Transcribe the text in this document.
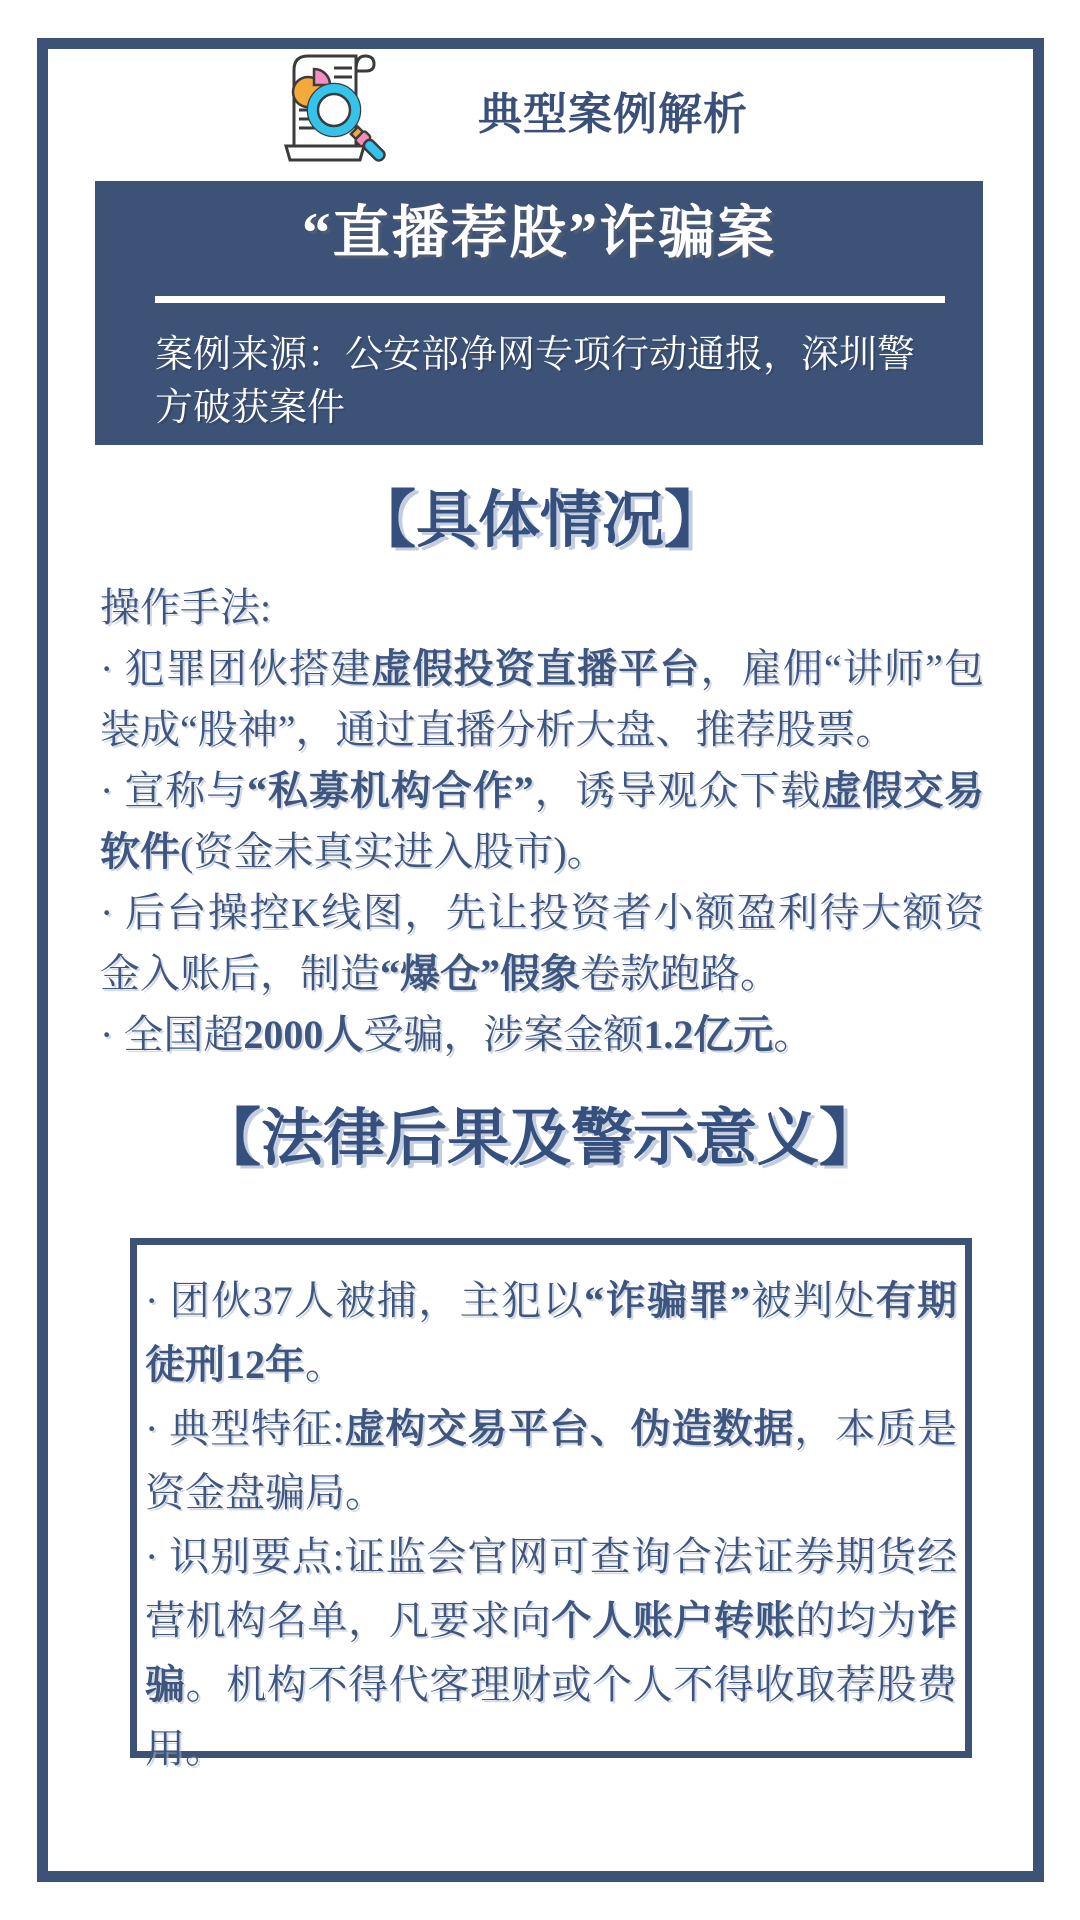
典型案例解析
“直播荐股”诈骗案
案例来源：公安部净网专项行动通报，深圳警方破获案件
【具体情况】

操作手法:

· 犯罪团伙搭建虚假投资直播平台，雇佣“讲师”包装成“股神”，通过直播分析大盘、推荐股票。

· 宣称与“私募机构合作”，诱导观众下载虚假交易软件(资金未真实进入股市)。

· 后台操控K线图，先让投资者小额盈利待大额资金入账后，制造“爆仓”假象卷款跑路。

· 全国超2000人受骗，涉案金额1.2亿元。

【法律后果及警示意义】

· 团伙37人被捕，主犯以“诈骗罪”被判处有期徒刑12年。

· 典型特征:虚构交易平台、伪造数据，本质是资金盘骗局。

· 识别要点:证监会官网可查询合法证券期货经营机构名单，凡要求向个人账户转账的均为诈骗。机构不得代客理财或个人不得收取荐股费用。
